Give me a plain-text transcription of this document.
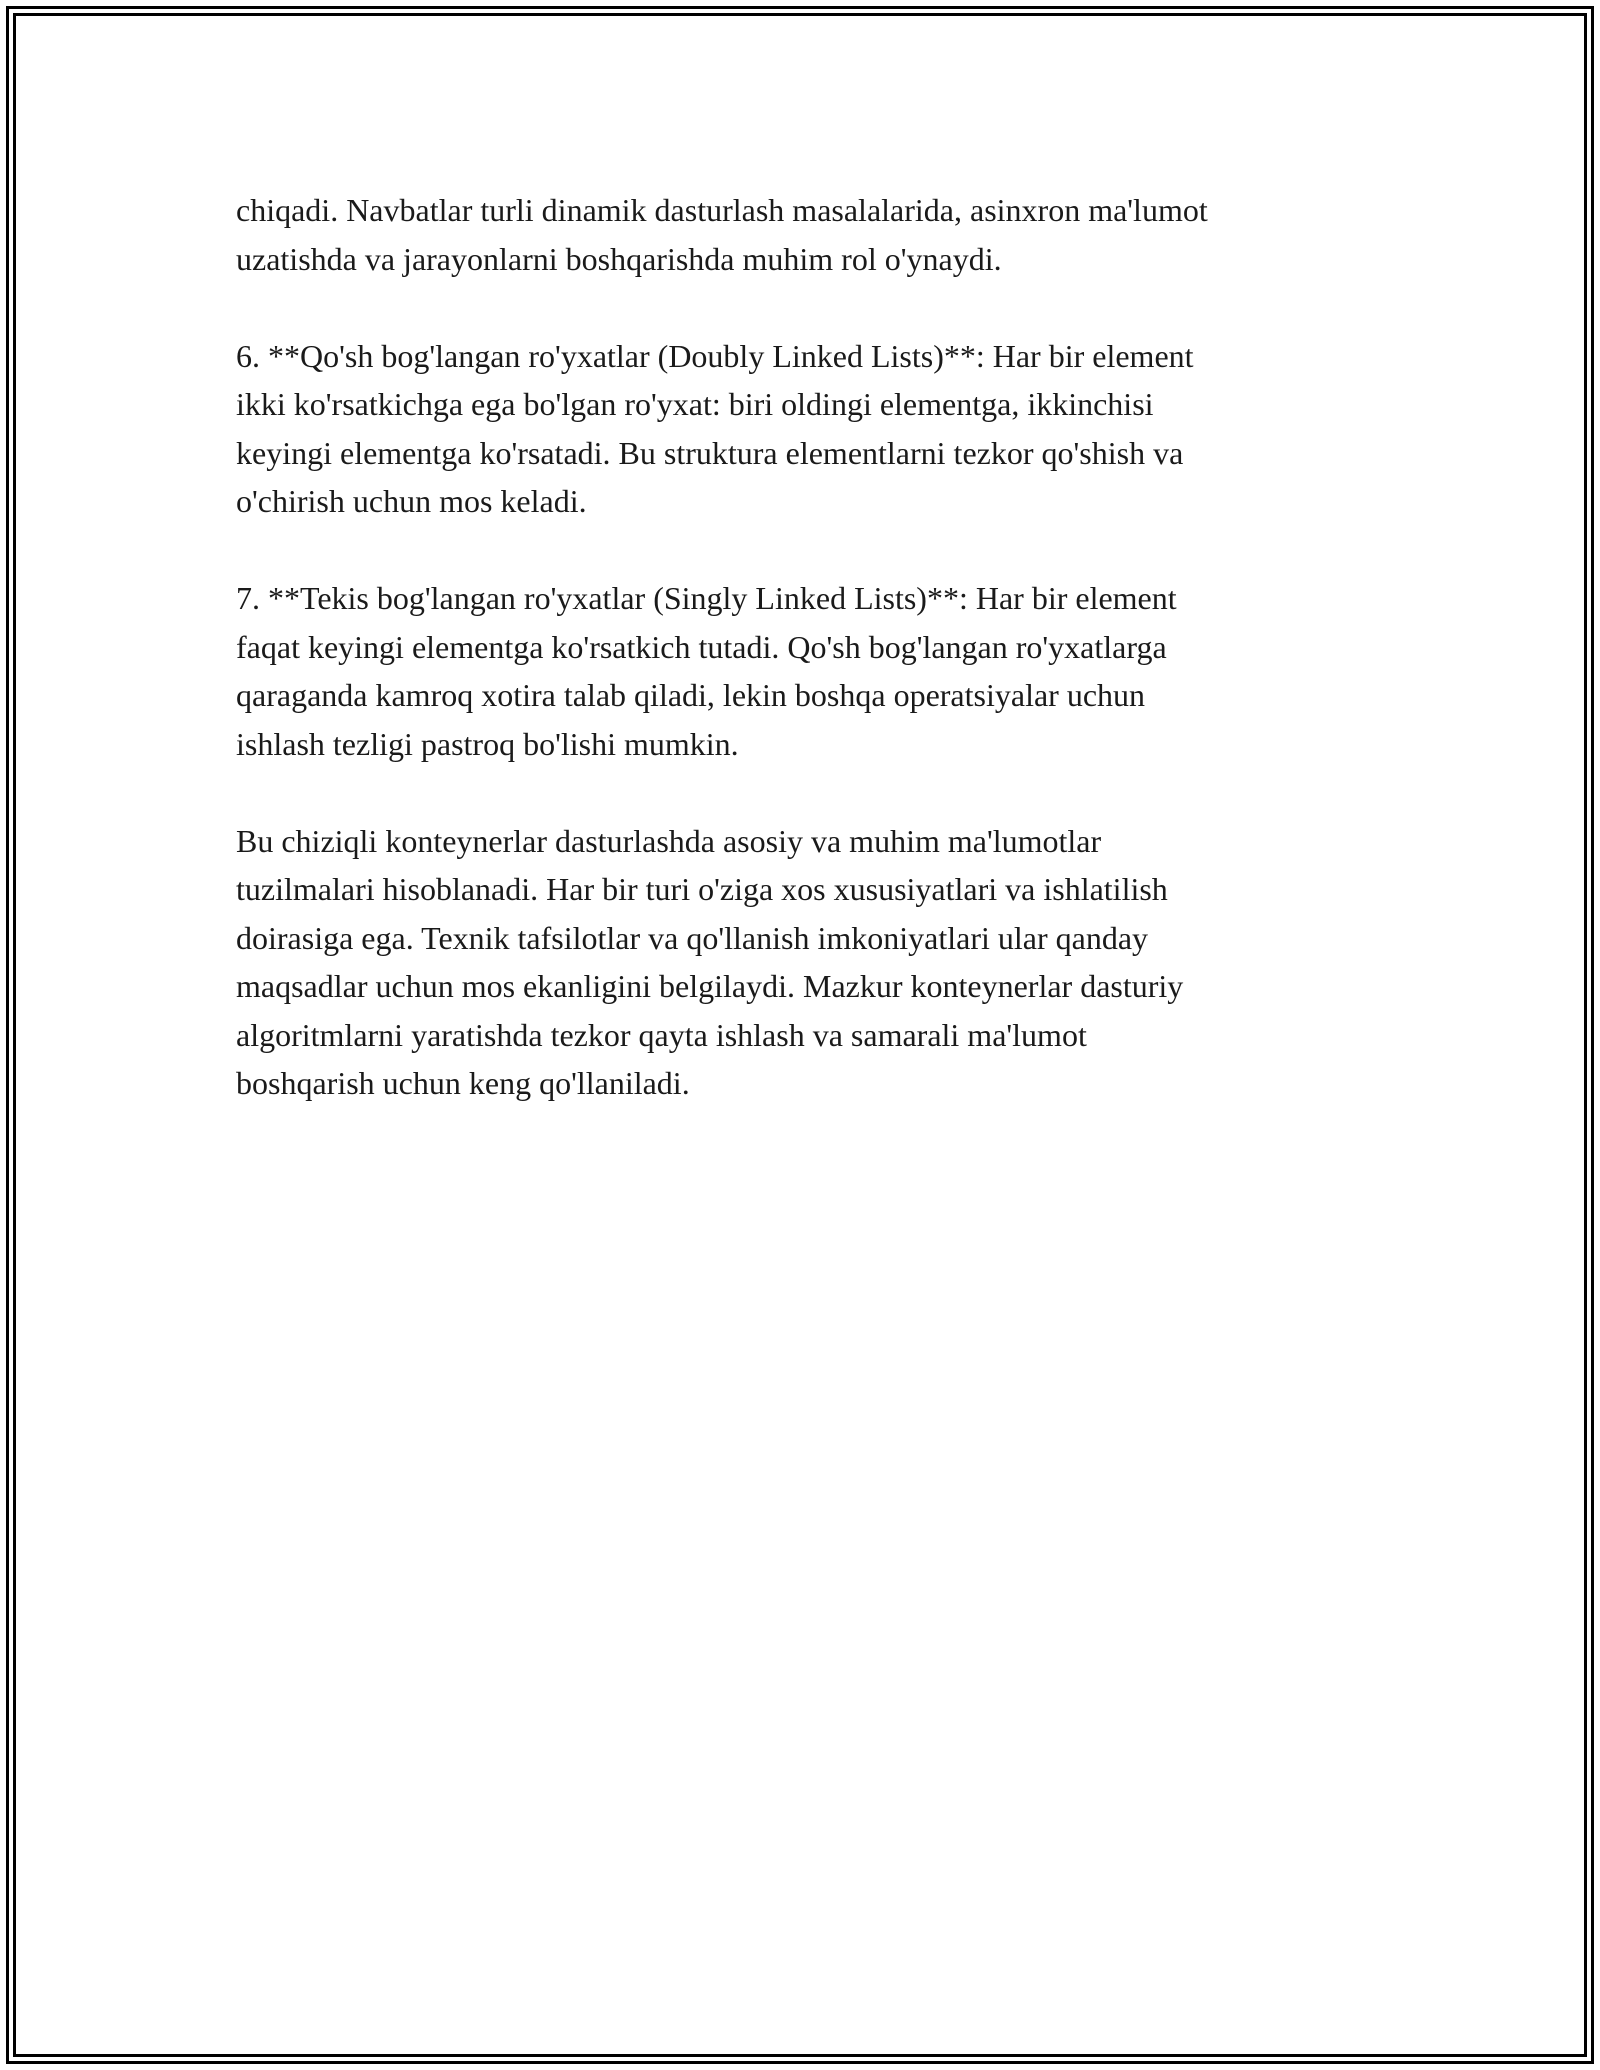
chiqadi. Navbatlar turli dinamik dasturlash masalalarida, asinxron ma'lumot
uzatishda va jarayonlarni boshqarishda muhim rol o'ynaydi.

6. **Qo'sh bog'langan ro'yxatlar (Doubly Linked Lists)**: Har bir element
ikki ko'rsatkichga ega bo'lgan ro'yxat: biri oldingi elementga, ikkinchisi
keyingi elementga ko'rsatadi. Bu struktura elementlarni tezkor qo'shish va
o'chirish uchun mos keladi.

7. **Tekis bog'langan ro'yxatlar (Singly Linked Lists)**: Har bir element
faqat keyingi elementga ko'rsatkich tutadi. Qo'sh bog'langan ro'yxatlarga
qaraganda kamroq xotira talab qiladi, lekin boshqa operatsiyalar uchun
ishlash tezligi pastroq bo'lishi mumkin.

Bu chiziqli konteynerlar dasturlashda asosiy va muhim ma'lumotlar
tuzilmalari hisoblanadi. Har bir turi o'ziga xos xususiyatlari va ishlatilish
doirasiga ega. Texnik tafsilotlar va qo'llanish imkoniyatlari ular qanday
maqsadlar uchun mos ekanligini belgilaydi. Mazkur konteynerlar dasturiy
algoritmlarni yaratishda tezkor qayta ishlash va samarali ma'lumot
boshqarish uchun keng qo'llaniladi.
